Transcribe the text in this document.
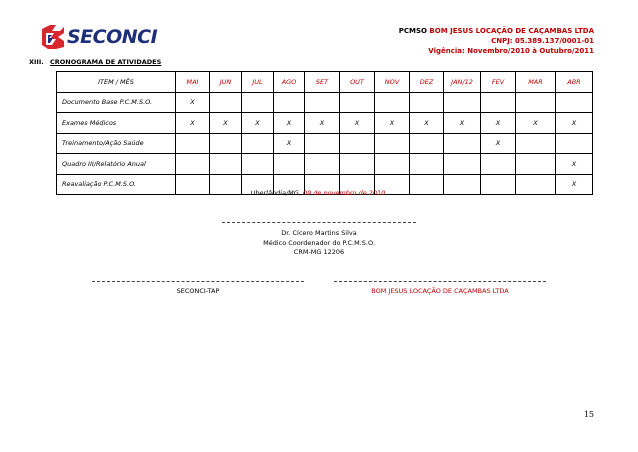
SECONCI	PCMSO BOM JESUS LOCAÇÃO DE CAÇAMBAS LTDA
CNPJ: 05.389.137/0001-01
Vigência: Novembro/2010 à Outubro/2011
XIII. CRONOGRAMA DE ATIVIDADES
ITEM / MÊS	MAI	JUN	JUL	AGO	SET	OUT	NOV	DEZ	JAN/12	FEV	MAR	ABR
Documento Base P.C.M.S.O.	X											
Exames Médicos	X	X	X	X	X	X	X	X	X	X	X	X
Treinamento/Ação Saúde				X						X		
Quadro III/Relatório Anual												X
Reavaliação P.C.M.S.O.												X
Uberlândia/MG, 09 de novembro de 2010.
Dr. Cícero Martins Silva
Médico Coordenador do P.C.M.S.O.
CRM-MG 12206
SECONCI-TAP	BOM JESUS LOCAÇÃO DE CAÇAMBAS LTDA
15
